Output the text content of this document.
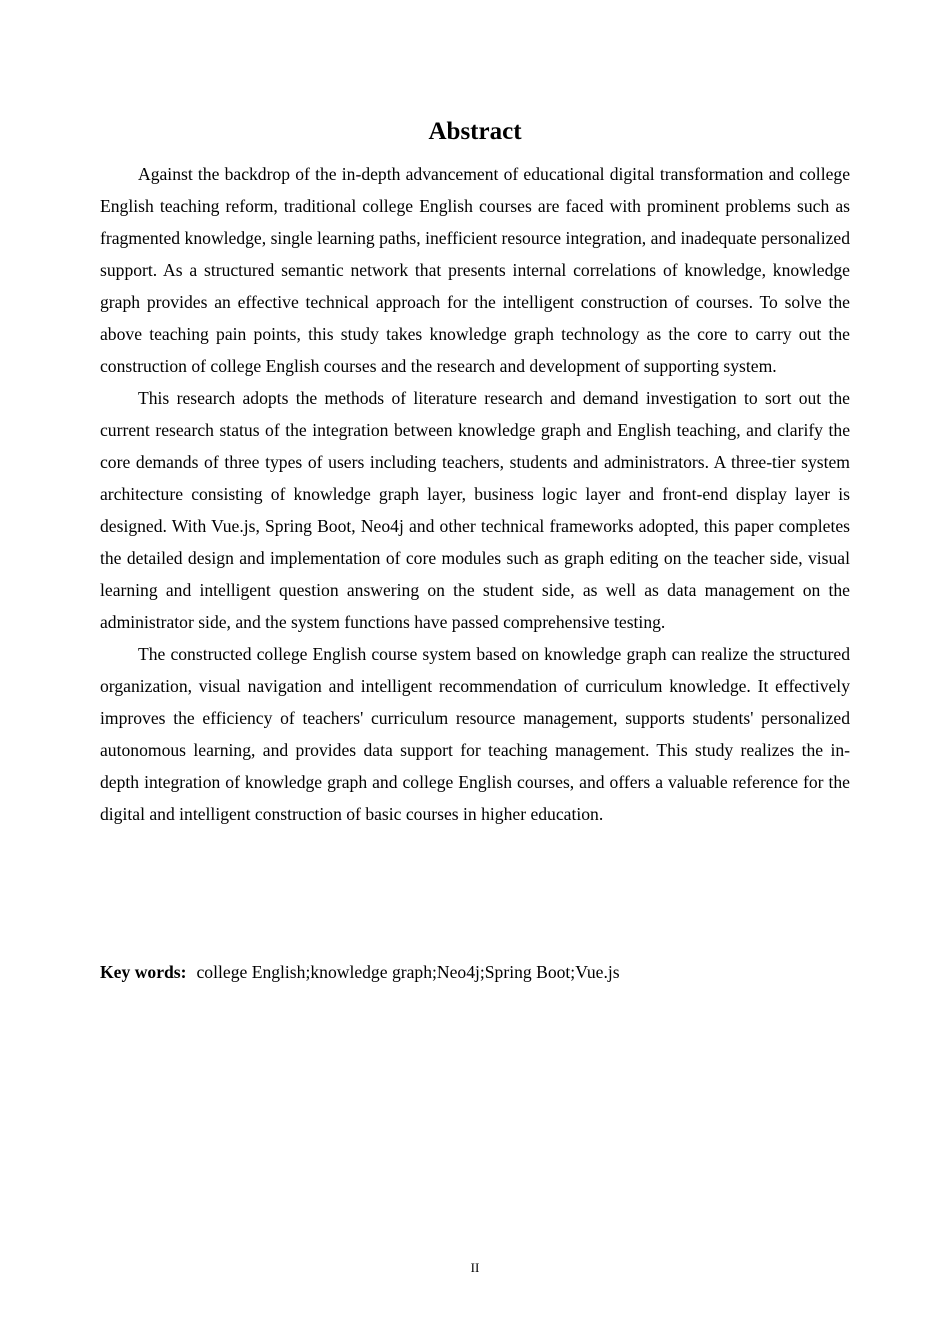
Abstract

Against the backdrop of the in-depth advancement of educational digital transformation and college English teaching reform, traditional college English courses are faced with prominent problems such as fragmented knowledge, single learning paths, inefficient resource integration, and inadequate personalized support. As a structured semantic network that presents internal correlations of knowledge, knowledge graph provides an effective technical approach for the intelligent construction of courses. To solve the above teaching pain points, this study takes knowledge graph technology as the core to carry out the construction of college English courses and the research and development of supporting system.

This research adopts the methods of literature research and demand investigation to sort out the current research status of the integration between knowledge graph and English teaching, and clarify the core demands of three types of users including teachers, students and administrators. A three-tier system architecture consisting of knowledge graph layer, business logic layer and front-end display layer is designed. With Vue.js, Spring Boot, Neo4j and other technical frameworks adopted, this paper completes the detailed design and implementation of core modules such as graph editing on the teacher side, visual learning and intelligent question answering on the student side, as well as data management on the administrator side, and the system functions have passed comprehensive testing.

The constructed college English course system based on knowledge graph can realize the structured organization, visual navigation and intelligent recommendation of curriculum knowledge. It effectively improves the efficiency of teachers' curriculum resource management, supports students' personalized autonomous learning, and provides data support for teaching management. This study realizes the in-depth integration of knowledge graph and college English courses, and offers a valuable reference for the digital and intelligent construction of basic courses in higher education.

Key words: college English;knowledge graph;Neo4j;Spring Boot;Vue.js

II
